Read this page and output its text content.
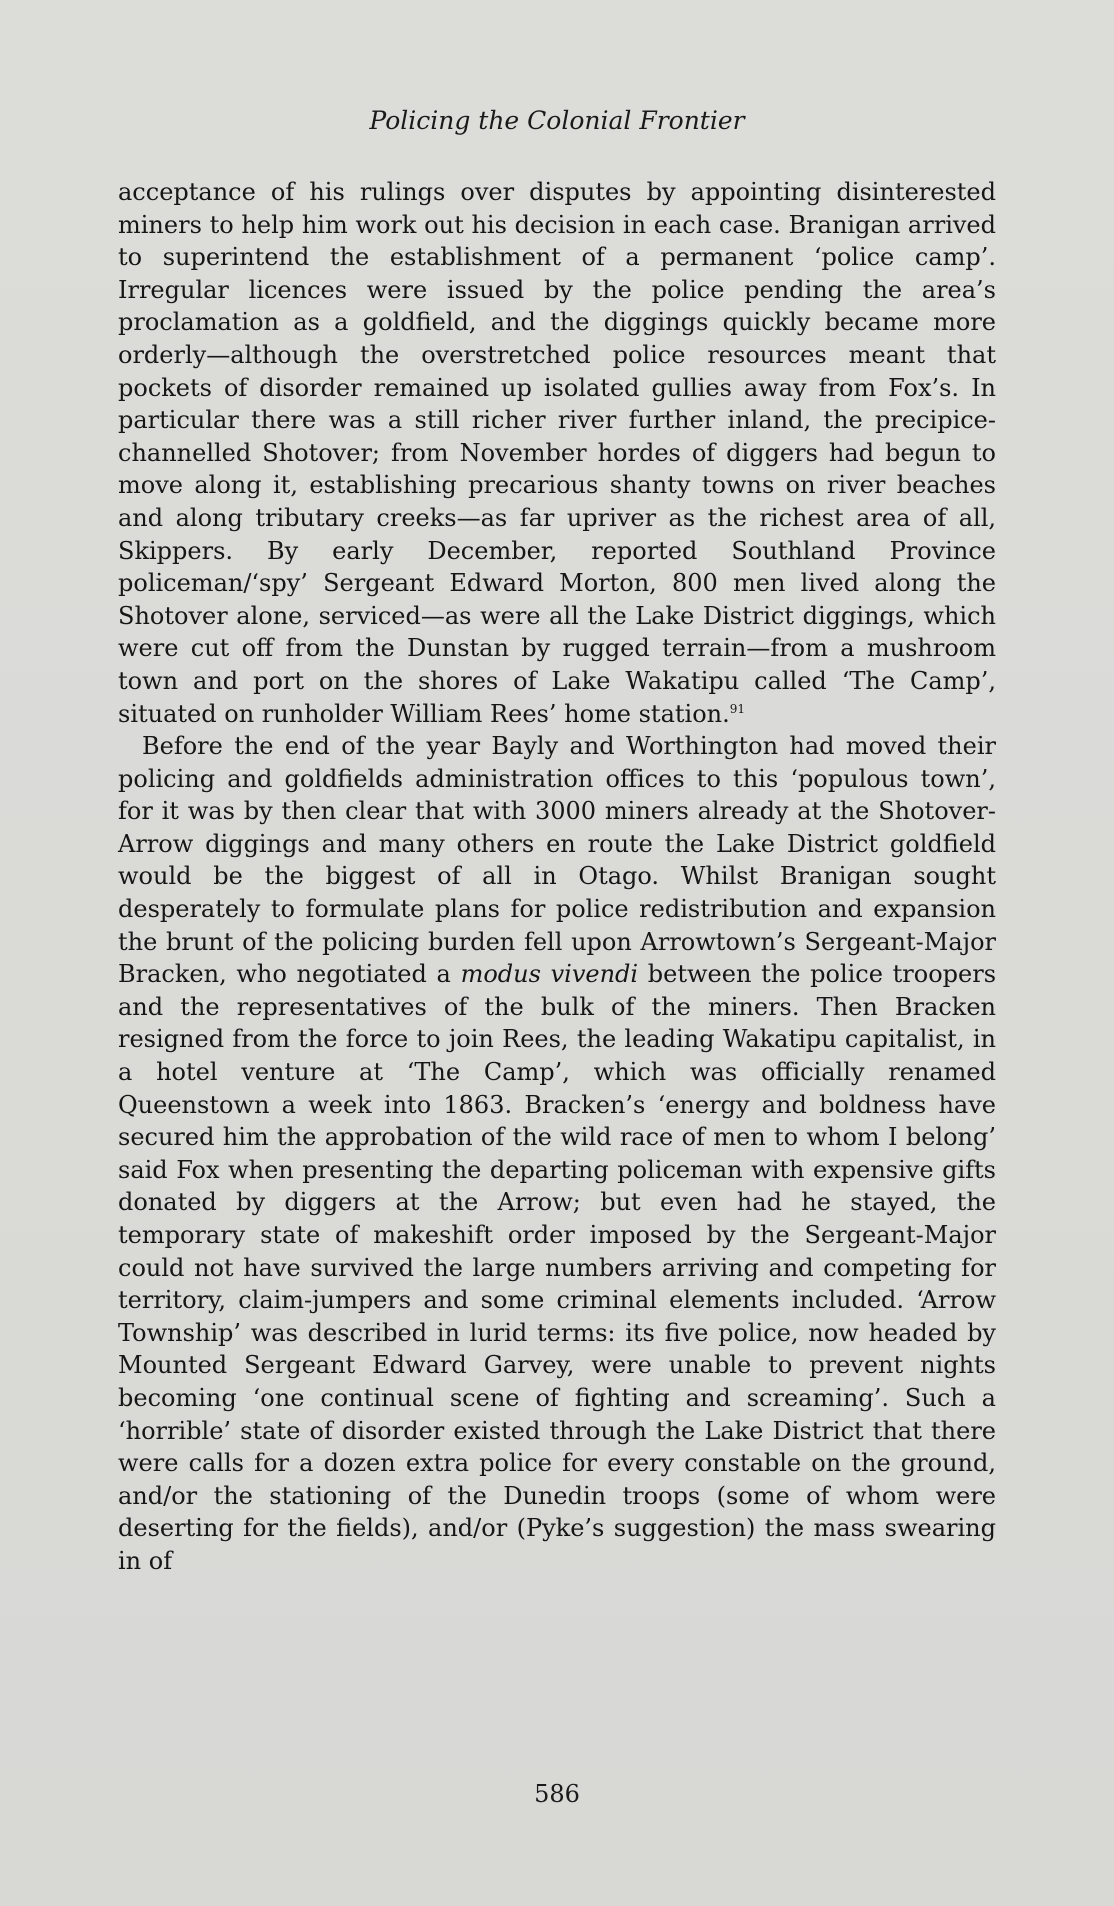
Policing the Colonial Frontier

acceptance of his rulings over disputes by appointing disinterested miners to help him work out his decision in each case. Branigan arrived to superintend the establishment of a permanent ‘police camp’. Irregular licences were issued by the police pending the area’s proclamation as a goldfield, and the diggings quickly became more orderly—although the overstretched police resources meant that pockets of disorder remained up isolated gullies away from Fox’s. In particular there was a still richer river further inland, the precipice-channelled Shotover; from November hordes of diggers had begun to move along it, establishing precarious shanty towns on river beaches and along tributary creeks—as far upriver as the richest area of all, Skippers. By early December, reported Southland Province policeman/‘spy’ Sergeant Edward Morton, 800 men lived along the Shotover alone, serviced—as were all the Lake District diggings, which were cut off from the Dunstan by rugged terrain—from a mushroom town and port on the shores of Lake Wakatipu called ‘The Camp’, situated on runholder William Rees’ home station.$^{91}$

Before the end of the year Bayly and Worthington had moved their policing and goldfields administration offices to this ‘populous town’, for it was by then clear that with 3000 miners already at the Shotover-Arrow diggings and many others en route the Lake District goldfield would be the biggest of all in Otago. Whilst Branigan sought desperately to formulate plans for police redistribution and expansion the brunt of the policing burden fell upon Arrowtown’s Sergeant-Major Bracken, who negotiated a modus vivendi between the police troopers and the representatives of the bulk of the miners. Then Bracken resigned from the force to join Rees, the leading Wakatipu capitalist, in a hotel venture at ‘The Camp’, which was officially renamed Queenstown a week into 1863. Bracken’s ‘energy and boldness have secured him the approbation of the wild race of men to whom I belong’ said Fox when presenting the departing policeman with expensive gifts donated by diggers at the Arrow; but even had he stayed, the temporary state of makeshift order imposed by the Sergeant-Major could not have survived the large numbers arriving and competing for territory, claim-jumpers and some criminal elements included. ‘Arrow Township’ was described in lurid terms: its five police, now headed by Mounted Sergeant Edward Garvey, were unable to prevent nights becoming ‘one continual scene of fighting and screaming’. Such a ‘horrible’ state of disorder existed through the Lake District that there were calls for a dozen extra police for every constable on the ground, and/or the stationing of the Dunedin troops (some of whom were deserting for the fields), and/or (Pyke’s suggestion) the mass swearing in of

586
